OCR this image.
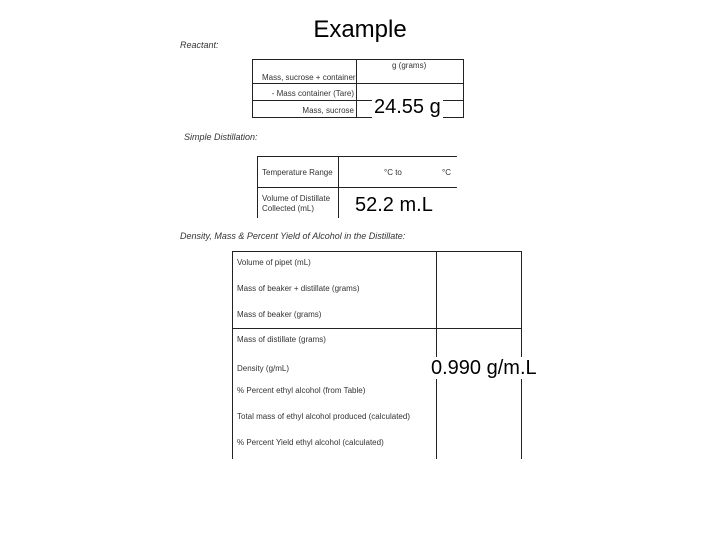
Example
Reactant:
g (grams)
Mass, sucrose + container
- Mass container (Tare)
Mass, sucrose 24.55 g
Simple Distillation:
Temperature Range	°C to	°C
Volume of Distillate
Collected (mL) 52.2 m.L
Density, Mass & Percent Yield of Alcohol in the Distillate:
Volume of pipet (mL)
Mass of beaker + distillate (grams)
Mass of beaker (grams)
Mass of distillate (grams)
Density (g/mL)
% Percent ethyl alcohol (from Table)
Total mass of ethyl alcohol produced (calculated)
% Percent Yield ethyl alcohol (calculated)
0.990 g/m.L
